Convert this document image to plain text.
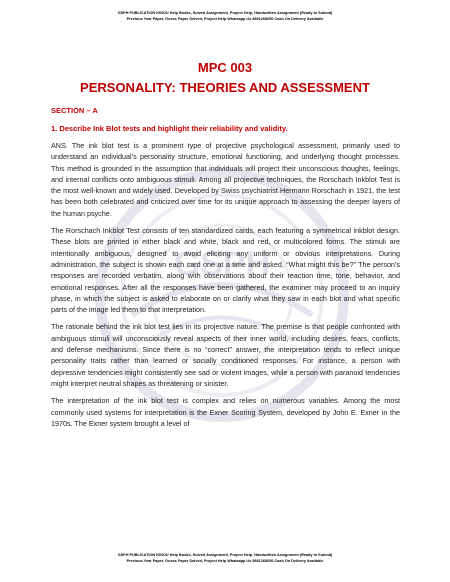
GSPH
GSPH PUBLICATION IGNOU Help Books, Solved Assignment, Project Help, Handwritten Assignment (Ready to Submit)
Previous Year Paper, Guess Paper Solved, Project Help Whatsapp Us 9891268050 Cash On Delivery Available
MPC 003
PERSONALITY: THEORIES AND ASSESSMENT
SECTION – A
1. Describe Ink Blot tests and highlight their reliability and validity.

ANS. The ink blot test is a prominent type of projective psychological assessment, primarily used to understand an individual’s personality structure, emotional functioning, and underlying thought processes. This method is grounded in the assumption that individuals will project their unconscious thoughts, feelings, and internal conflicts onto ambiguous stimuli. Among all projective techniques, the Rorschach Inkblot Test is the most well-known and widely used. Developed by Swiss psychiatrist Hermann Rorschach in 1921, the test has been both celebrated and criticized over time for its unique approach to assessing the deeper layers of the human psyche.

The Rorschach Inkblot Test consists of ten standardized cards, each featuring a symmetrical inkblot design. These blots are printed in either black and white, black and red, or multicolored forms. The stimuli are intentionally ambiguous, designed to avoid eliciting any uniform or obvious interpretations. During administration, the subject is shown each card one at a time and asked, “What might this be?” The person’s responses are recorded verbatim, along with observations about their reaction time, tone, behavior, and emotional responses. After all the responses have been gathered, the examiner may proceed to an inquiry phase, in which the subject is asked to elaborate on or clarify what they saw in each blot and what specific parts of the image led them to that interpretation.

The rationale behind the ink blot test lies in its projective nature. The premise is that people confronted with ambiguous stimuli will unconsciously reveal aspects of their inner world, including desires, fears, conflicts, and defense mechanisms. Since there is no “correct” answer, the interpretation tends to reflect unique personality traits rather than learned or socially conditioned responses. For instance, a person with depressive tendencies might consistently see sad or violent images, while a person with paranoid tendencies might interpret neutral shapes as threatening or sinister.

The interpretation of the ink blot test is complex and relies on numerous variables. Among the most commonly used systems for interpretation is the Exner Scoring System, developed by John E. Exner in the 1970s. The Exner system brought a level of

GSPH PUBLICATION IGNOU Help Books, Solved Assignment, Project Help, Handwritten Assignment (Ready to Submit)
Previous Year Paper, Guess Paper Solved, Project Help Whatsapp Us 9891268050 Cash On Delivery Available
